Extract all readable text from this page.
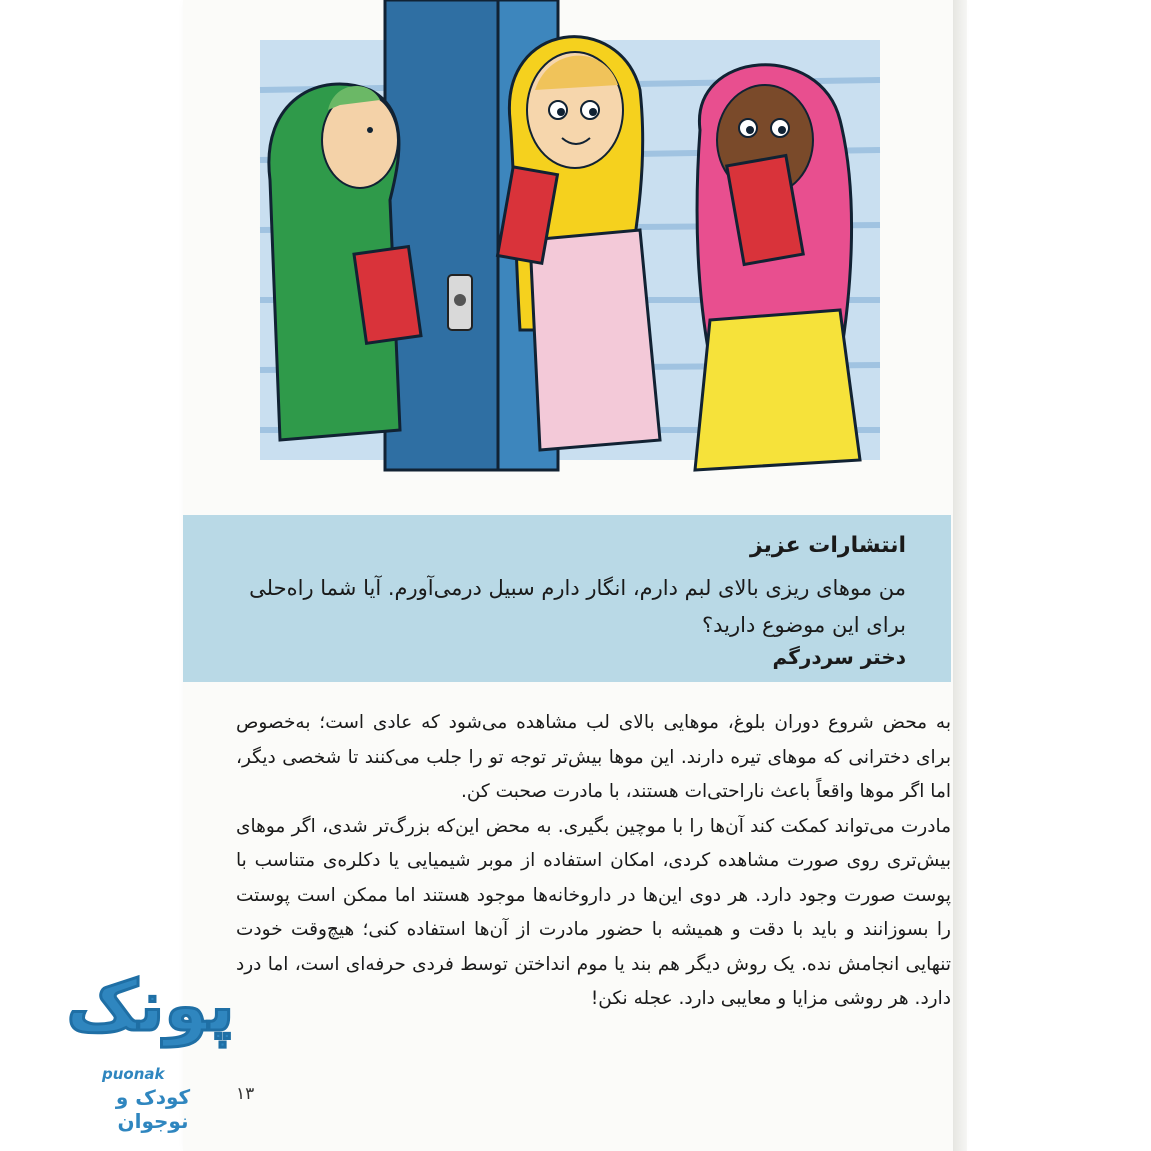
انتشارات عزیز
من موهای ریزی بالای لبم دارم، انگار دارم سبیل درمی‌آورم. آیا شما راه‌حلی برای این موضوع دارید؟
دختر سردرگم

به محض شروع دوران بلوغ، موهایی بالای لب مشاهده می‌شود که عادی است؛ به‌خصوص برای دخترانی که موهای تیره دارند. این موها بیش‌تر توجه تو را جلب می‌کنند تا شخصی دیگر، اما اگر موها واقعاً باعث ناراحتی‌ات هستند، با مادرت صحبت کن.

مادرت می‌تواند کمکت کند آن‌ها را با موچین بگیری. به محض این‌که بزرگ‌تر شدی، اگر موهای بیش‌تری روی صورت مشاهده کردی، امکان استفاده از موبر شیمیایی یا دکلره‌ی متناسب با پوست صورت وجود دارد. هر دوی این‌ها در داروخانه‌ها موجود هستند اما ممکن است پوستت را بسوزانند و باید با دقت و همیشه با حضور مادرت از آن‌ها استفاده کنی؛ هیچ‌وقت خودت تنهایی انجامش نده. یک روش دیگر هم بند یا موم انداختن توسط فردی حرفه‌ای است، اما درد دارد. هر روشی مزایا و معایبی دارد. عجله نکن!

۱۳
پونک
puonak
کودک و نوجوان
